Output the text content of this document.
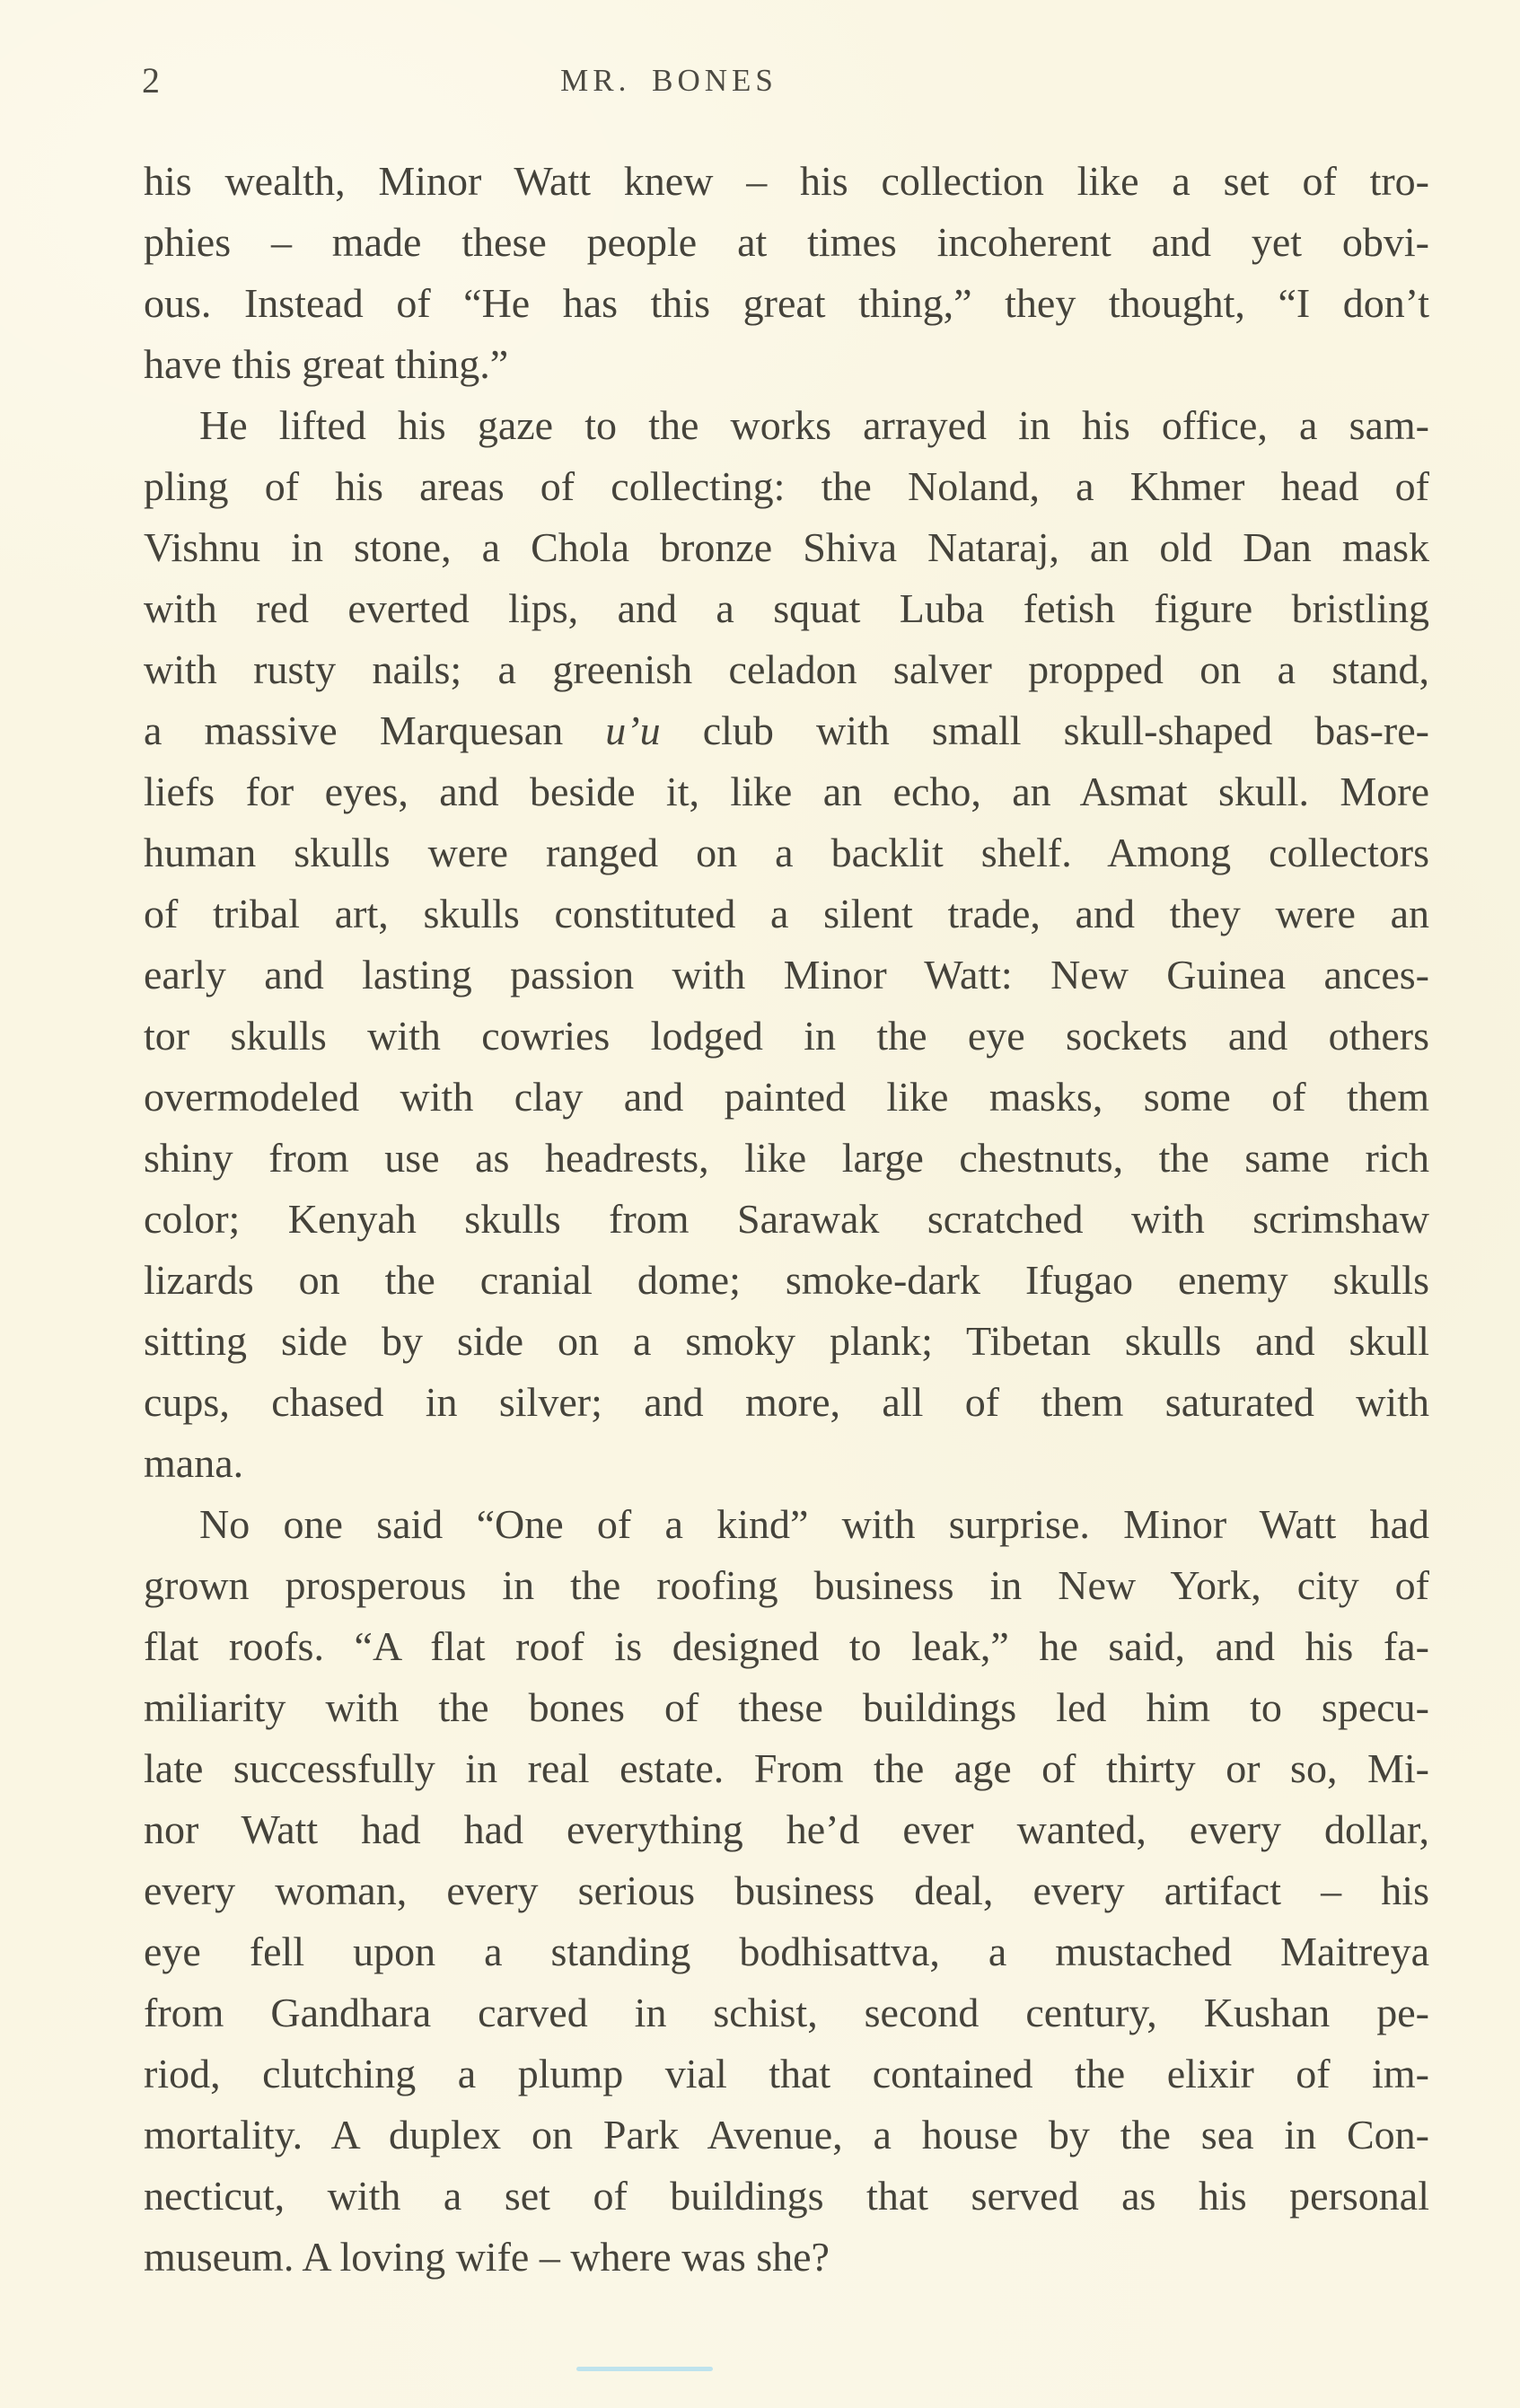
2	MR. BONES
his wealth, Minor Watt knew – his collection like a set of tro-
phies – made these people at times incoherent and yet obvi-
ous. Instead of “He has this great thing,” they thought, “I don’t
have this great thing.”
He lifted his gaze to the works arrayed in his office, a sam-
pling of his areas of collecting: the Noland, a Khmer head of
Vishnu in stone, a Chola bronze Shiva Nataraj, an old Dan mask
with red everted lips, and a squat Luba fetish figure bristling
with rusty nails; a greenish celadon salver propped on a stand,
a massive Marquesan u’u club with small skull-shaped bas-re-
liefs for eyes, and beside it, like an echo, an Asmat skull. More
human skulls were ranged on a backlit shelf. Among collectors
of tribal art, skulls constituted a silent trade, and they were an
early and lasting passion with Minor Watt: New Guinea ances-
tor skulls with cowries lodged in the eye sockets and others
overmodeled with clay and painted like masks, some of them
shiny from use as headrests, like large chestnuts, the same rich
color; Kenyah skulls from Sarawak scratched with scrimshaw
lizards on the cranial dome; smoke-dark Ifugao enemy skulls
sitting side by side on a smoky plank; Tibetan skulls and skull
cups, chased in silver; and more, all of them saturated with
mana.
No one said “One of a kind” with surprise. Minor Watt had
grown prosperous in the roofing business in New York, city of
flat roofs. “A flat roof is designed to leak,” he said, and his fa-
miliarity with the bones of these buildings led him to specu-
late successfully in real estate. From the age of thirty or so, Mi-
nor Watt had had everything he’d ever wanted, every dollar,
every woman, every serious business deal, every artifact – his
eye fell upon a standing bodhisattva, a mustached Maitreya
from Gandhara carved in schist, second century, Kushan pe-
riod, clutching a plump vial that contained the elixir of im-
mortality. A duplex on Park Avenue, a house by the sea in Con-
necticut, with a set of buildings that served as his personal
museum. A loving wife – where was she?
